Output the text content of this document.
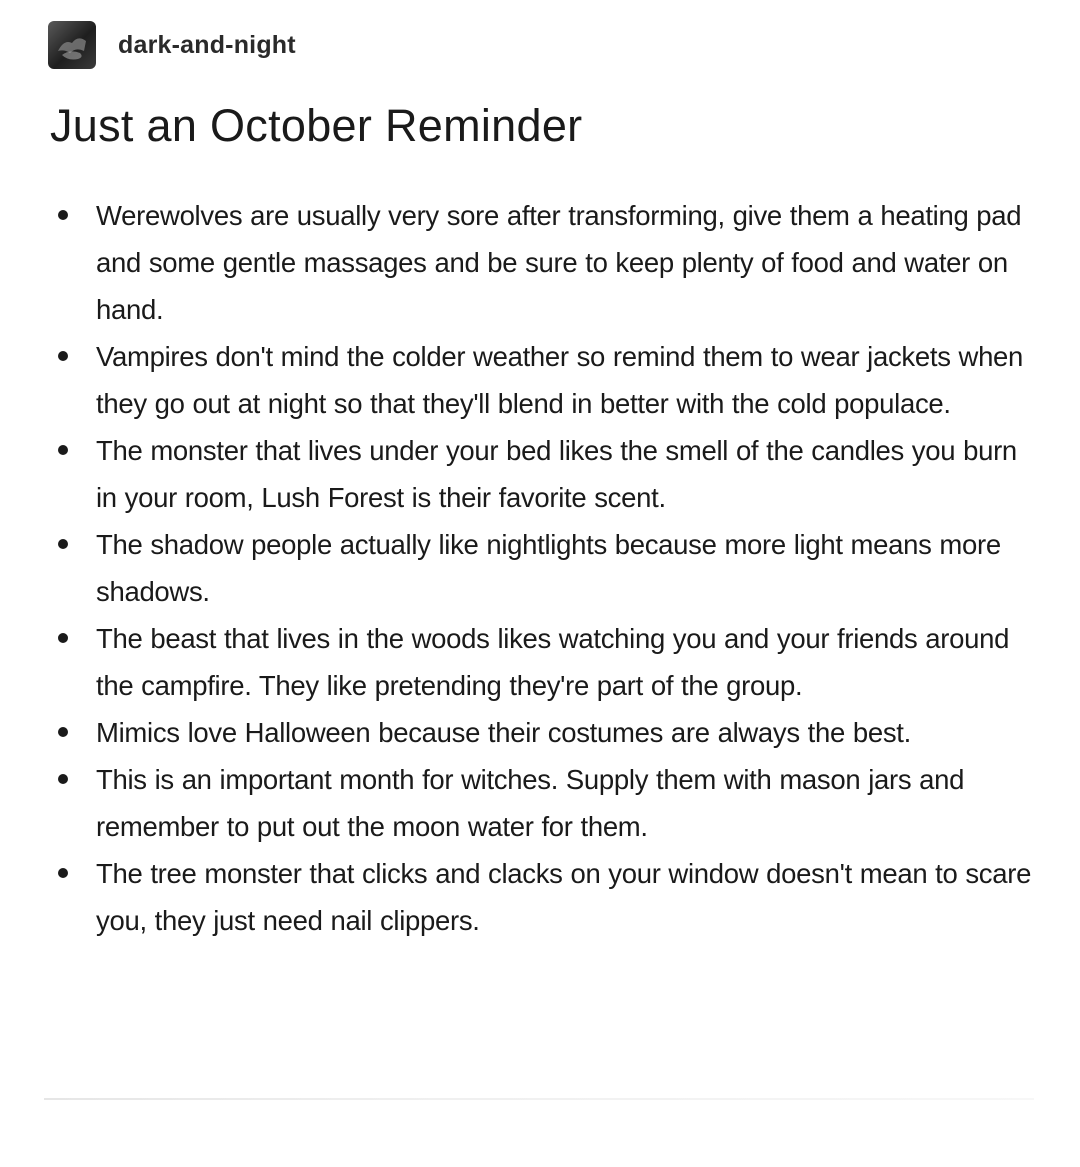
dark-and-night
Just an October Reminder
Werewolves are usually very sore after transforming, give them a heating pad and some gentle massages and be sure to keep plenty of food and water on hand.
Vampires don't mind the colder weather so remind them to wear jackets when they go out at night so that they'll blend in better with the cold populace.
The monster that lives under your bed likes the smell of the candles you burn in your room, Lush Forest is their favorite scent.
The shadow people actually like nightlights because more light means more shadows.
The beast that lives in the woods likes watching you and your friends around the campfire. They like pretending they're part of the group.
Mimics love Halloween because their costumes are always the best.
This is an important month for witches. Supply them with mason jars and remember to put out the moon water for them.
The tree monster that clicks and clacks on your window doesn't mean to scare you, they just need nail clippers.
